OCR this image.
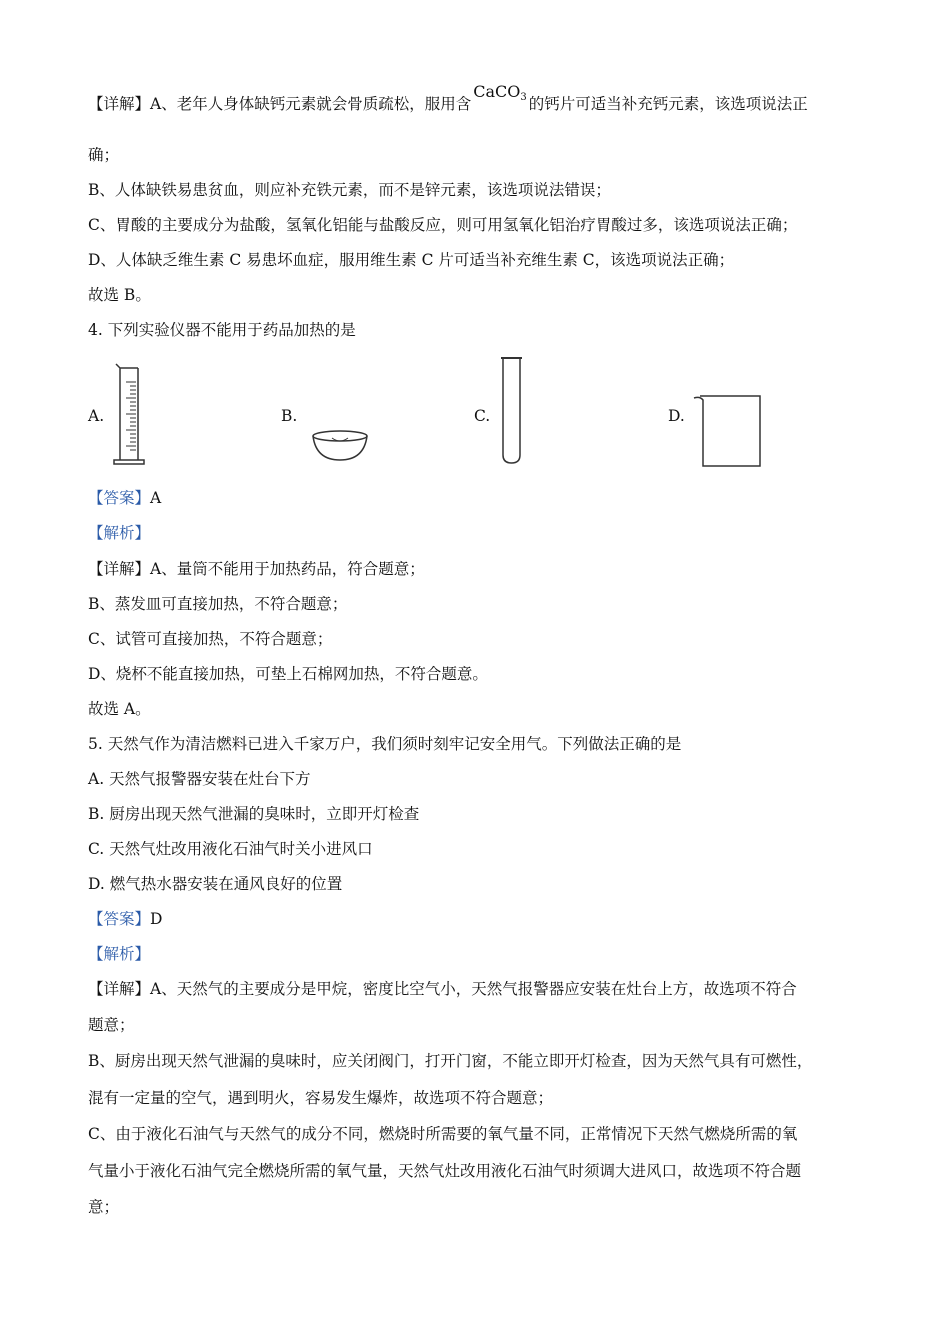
【详解】A、老年人身体缺钙元素就会骨质疏松，服用含CaCO$_3$ 的钙片可适当补充钙元素，该选项说法正
确；
B、人体缺铁易患贫血，则应补充铁元素，而不是锌元素，该选项说法错误；
C、胃酸的主要成分为盐酸，氢氧化铝能与盐酸反应，则可用氢氧化铝治疗胃酸过多，该选项说法正确；
D、人体缺乏维生素 C 易患坏血症，服用维生素 C 片可适当补充维生素 C，该选项说法正确；
故选 B。
4. 下列实验仪器不能用于药品加热的是
A.	B.	C.	D.
【答案】A
【解析】
【详解】A、量筒不能用于加热药品，符合题意；
B、蒸发皿可直接加热，不符合题意；
C、试管可直接加热，不符合题意；
D、烧杯不能直接加热，可垫上石棉网加热，不符合题意。
故选 A。
5. 天然气作为清洁燃料已进入千家万户，我们须时刻牢记安全用气。下列做法正确的是
A. 天然气报警器安装在灶台下方
B. 厨房出现天然气泄漏的臭味时，立即开灯检查
C. 天然气灶改用液化石油气时关小进风口
D. 燃气热水器安装在通风良好的位置
【答案】D
【解析】
【详解】A、天然气的主要成分是甲烷，密度比空气小，天然气报警器应安装在灶台上方，故选项不符合
题意；
B、厨房出现天然气泄漏的臭味时，应关闭阀门，打开门窗，不能立即开灯检查，因为天然气具有可燃性，
混有一定量的空气，遇到明火，容易发生爆炸，故选项不符合题意；
C、由于液化石油气与天然气的成分不同，燃烧时所需要的氧气量不同，正常情况下天然气燃烧所需的氧
气量小于液化石油气完全燃烧所需的氧气量，天然气灶改用液化石油气时须调大进风口，故选项不符合题
意；
